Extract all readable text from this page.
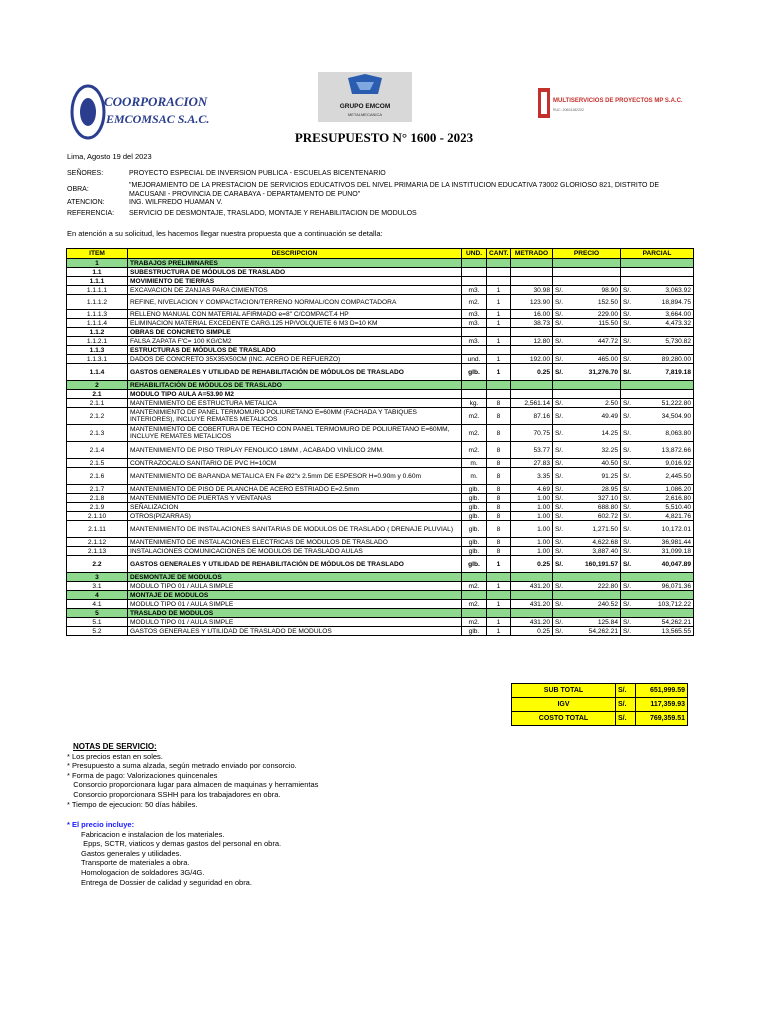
COORPORACION
EMCOMSAC S.A.C.
GRUPO EMCOM
METALMECANICA
MULTISERVICIOS DE PROYECTOS MP S.A.C.
RUC: 20604182202
PRESUPUESTO N° 1600 - 2023
Lima, Agosto 19 del 2023
SEÑORES:	PROYECTO ESPECIAL DE INVERSION PUBLICA - ESCUELAS BICENTENARIO
OBRA:
"MEJORAMIENTO DE LA PRESTACION DE SERVICIOS EDUCATIVOS DEL NIVEL PRIMARIA DE LA INSTITUCION EDUCATIVA 73002 GLORIOSO 821, DISTRITO DE MACUSANI - PROVINCIA DE CARABAYA - DEPARTAMENTO DE PUNO"
ATENCION:	ING. WILFREDO HUAMAN V.
REFERENCIA:	SERVICIO DE DESMONTAJE, TRASLADO, MONTAJE Y REHABILITACION DE MODULOS
En atención a su solicitud, les hacemos llegar nuestra propuesta que a continuación se detalla:
ITEM	DESCRIPCION	UND.	CANT.	METRADO	PRECIO	PARCIAL
1	TRABAJOS PRELIMINARES					
1.1	SUBESTRUCTURA DE MÓDULOS DE TRASLADO					
1.1.1	MOVIMIENTO DE TIERRAS					
1.1.1.1	EXCAVACION DE ZANJAS PARA CIMIENTOS	m3.	1	30.98	S/. 98.90	S/. 3,063.92
1.1.1.2	REFINE, NIVELACION Y COMPACTACION/TERRENO NORMAL/CON COMPACTADORA	m2.	1	123.90	S/. 152.50	S/. 18,894.75
1.1.1.3	RELLENO MANUAL CON MATERIAL AFIRMADO e=8" C/COMPACT.4 HP	m3.	1	16.00	S/. 229.00	S/. 3,664.00
1.1.1.4	ELIMINACION MATERIAL EXCEDENTE CARG.125 HP/VOLQUETE 6 M3 D=10 KM	m3.	1	38.73	S/. 115.50	S/. 4,473.32
1.1.2	OBRAS DE CONCRETO SIMPLE					
1.1.2.1	FALSA ZAPATA F'C= 100 KG/CM2	m3.	1	12.80	S/. 447.72	S/. 5,730.82
1.1.3	ESTRUCTURAS DE MÓDULOS DE TRASLADO					
1.1.3.1	DADOS DE CONCRETO 35X35X50CM (INC. ACERO DE REFUERZO)	und.	1	192.00	S/. 465.00	S/. 89,280.00
1.1.4	GASTOS GENERALES Y UTILIDAD DE REHABILITACIÓN DE MÓDULOS DE TRASLADO	glb.	1	0.25	S/. 31,276.70	S/. 7,819.18
2	REHABILITACIÓN DE MÓDULOS DE TRASLADO					
2.1	MODULO TIPO AULA A=53.90 M2					
2.1.1	MANTENIMIENTO DE ESTRUCTURA METALICA	kg.	8	2,561.14	S/. 2.50	S/. 51,222.80
2.1.2	MANTENIMIENTO DE PANEL TERMOMURO POLIURETANO E=60MM (FACHADA Y TABIQUES INTERIORES), INCLUYE REMATES METALICOS	m2.	8	87.16	S/. 49.49	S/. 34,504.90
2.1.3	MANTENIMIENTO DE COBERTURA DE TECHO CON PANEL TERMOMURO DE POLIURETANO E=60MM, INCLUYE REMATES METALICOS	m2.	8	70.75	S/. 14.25	S/. 8,063.80
2.1.4	MANTENIMIENTO DE PISO TRIPLAY FENOLICO 18MM , ACABADO VINÍLICO 2MM.	m2.	8	53.77	S/. 32.25	S/. 13,872.66
2.1.5	CONTRAZOCALO SANITARIO DE PVC H=10CM	m.	8	27.83	S/. 40.50	S/. 9,016.92
2.1.6	MANTENIMIENTO DE BARANDA METALICA EN Fe Ø2"x 2.5mm DE ESPESOR H=0.90m y 0.60m	m.	8	3.35	S/. 91.25	S/. 2,445.50
2.1.7	MANTENIMIENTO DE PISO DE PLANCHA DE ACERO ESTRIADO E=2.5mm	glb.	8	4.69	S/. 28.95	S/. 1,086.20
2.1.8	MANTENIMIENTO DE PUERTAS Y VENTANAS	glb.	8	1.00	S/. 327.10	S/. 2,616.80
2.1.9	SEÑALIZACION	glb.	8	1.00	S/. 688.80	S/. 5,510.40
2.1.10	OTROS(PIZARRAS)	glb.	8	1.00	S/. 602.72	S/. 4,821.76
2.1.11	MANTENIMIENTO DE INSTALACIONES SANITARIAS DE MODULOS DE TRASLADO ( DRENAJE PLUVIAL)	glb.	8	1.00	S/. 1,271.50	S/. 10,172.01
2.1.12	MANTENIMIENTO DE INSTALACIONES ELECTRICAS DE MODULOS DE TRASLADO	glb.	8	1.00	S/. 4,622.68	S/. 36,981.44
2.1.13	INSTALACIONES COMUNICACIONES DE MODULOS DE TRASLADO AULAS	glb.	8	1.00	S/. 3,887.40	S/. 31,099.18
2.2	GASTOS GENERALES Y UTILIDAD DE REHABILITACIÓN DE MÓDULOS DE TRASLADO	glb.	1	0.25	S/. 160,191.57	S/. 40,047.89
3	DESMONTAJE DE MODULOS					
3.1	MODULO TIPO 01 / AULA SIMPLE	m2.	1	431.20	S/. 222.80	S/. 96,071.36
4	MONTAJE DE MODULOS					
4.1	MODULO TIPO 01 / AULA SIMPLE	m2.	1	431.20	S/. 240.52	S/. 103,712.22
5	TRASLADO DE MODULOS					
5.1	MODULO TIPO 01 / AULA SIMPLE	m2.	1	431.20	S/. 125.84	S/. 54,262.21
5.2	GASTOS GENERALES Y UTILIDAD DE TRASLADO DE MODULOS	glb.	1	0.25	S/. 54,262.21	S/. 13,565.55
SUB TOTAL	S/.	651,999.59
IGV	S/.	117,359.93
COSTO TOTAL	S/.	769,359.51
NOTAS DE SERVICIO:
* Los precios estan en soles.
* Presupuesto a suma alzada, según metrado enviado por consorcio.
* Forma de pago: Valorizaciones quincenales
Consorcio proporcionara lugar para almacen de maquinas y herramientas
Consorcio proporcionara SSHH para los trabajadores en obra.
* Tiempo de ejecucion: 50 días hábiles.
* El precio incluye:
Fabricacion e instalacion de los materiales.
Epps, SCTR, viaticos y demas gastos del personal en obra.
Gastos generales y utilidades.
Transporte de materiales a obra.
Homologacion de soldadores 3G/4G.
Entrega de Dossier de calidad y seguridad en obra.
